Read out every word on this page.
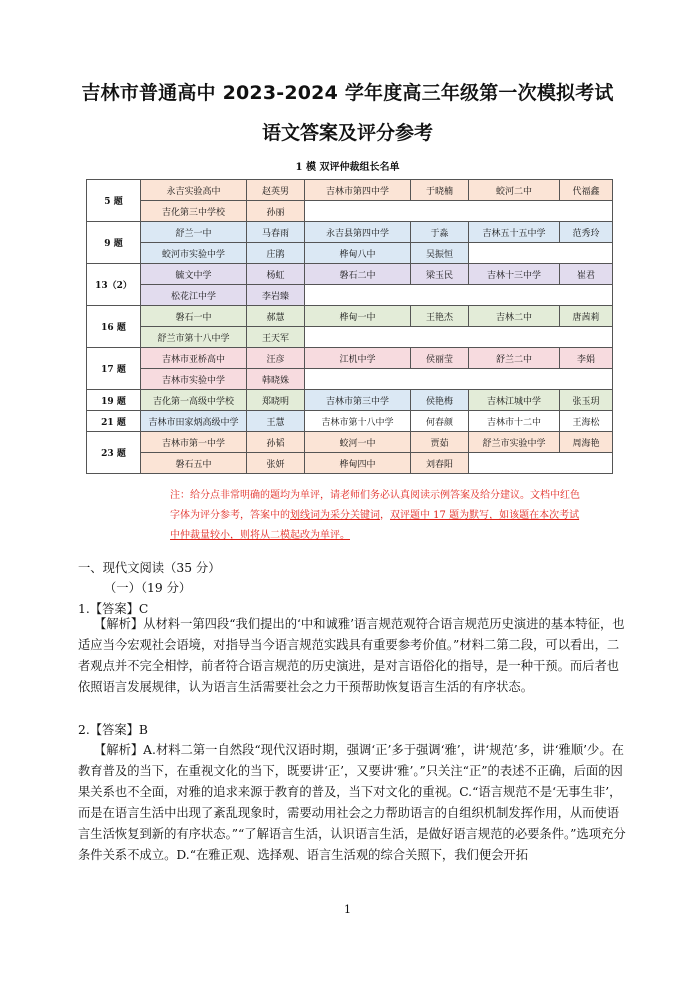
吉林市普通高中 2023-2024 学年度高三年级第一次模拟考试
语文答案及评分参考
1 模 双评仲裁组长名单
5 题	永吉实验高中	赵英男	吉林市第四中学	于晓楠	蛟河二中	代福鑫
	吉化第三中学校	孙丽				
9 题	舒兰一中	马春雨	永吉县第四中学	于淼	吉林五十五中学	范秀玲
	蛟河市实验中学	庄鹃	桦甸八中	吴振恒		
13（2）	毓文中学	杨虹	磐石二中	梁玉民	吉林十三中学	崔君
	松花江中学	李岩臻				
16 题	磐石一中	郝慧	桦甸一中	王艳杰	吉林二中	唐茜莉
	舒兰市第十八中学	王天军				
17 题	吉林市亚桥高中	汪彦	江机中学	侯丽莹	舒兰二中	李娟
	吉林市实验中学	韩晓姝				
19 题	吉化第一高级中学校	郑晓明	吉林市第三中学	侯艳梅	吉林江城中学	张玉玥
21 题	吉林市田家炳高级中学	王慧	吉林市第十八中学	何春颜	吉林市十二中	王海松
23 题	吉林市第一中学	孙韬	蛟河一中	贾茹	舒兰市实验中学	周海艳
	磐石五中	张妍	桦甸四中	刘春阳		
注：给分点非常明确的题均为单评，请老师们务必认真阅读示例答案及给分建议。文档中红色字体为评分参考，答案中的划线词为采分关键词，双评题中 17 题为默写，如该题在本次考试中仲裁量较小，则将从二模起改为单评。
一、现代文阅读（35 分）
（一）（19 分）
1.【答案】C
【解析】从材料一第四段“我们提出的‘中和诚雅’语言规范观符合语言规范历史演进的基本特征，也适应当今宏观社会语境，对指导当今语言规范实践具有重要参考价值。”材料二第二段，可以看出，二者观点并不完全相悖，前者符合语言规范的历史演进，是对言语俗化的指导，是一种干预。而后者也依照语言发展规律，认为语言生活需要社会之力干预帮助恢复语言生活的有序状态。
2.【答案】B
【解析】A.材料二第一自然段“现代汉语时期，强调‘正’多于强调‘雅’，讲‘规范’多，讲‘雅顺’少。在教育普及的当下，在重视文化的当下，既要讲‘正’，又要讲‘雅’。”只关注“正”的表述不正确，后面的因果关系也不全面，对雅的追求来源于教育的普及，当下对文化的重视。C.“语言规范不是‘无事生非’，而是在语言生活中出现了紊乱现象时，需要动用社会之力帮助语言的自组织机制发挥作用，从而使语言生活恢复到新的有序状态。”“了解语言生活，认识语言生活，是做好语言规范的必要条件。”选项充分条件关系不成立。D.“在雅正观、选择观、语言生活观的综合关照下，我们便会开拓
1
